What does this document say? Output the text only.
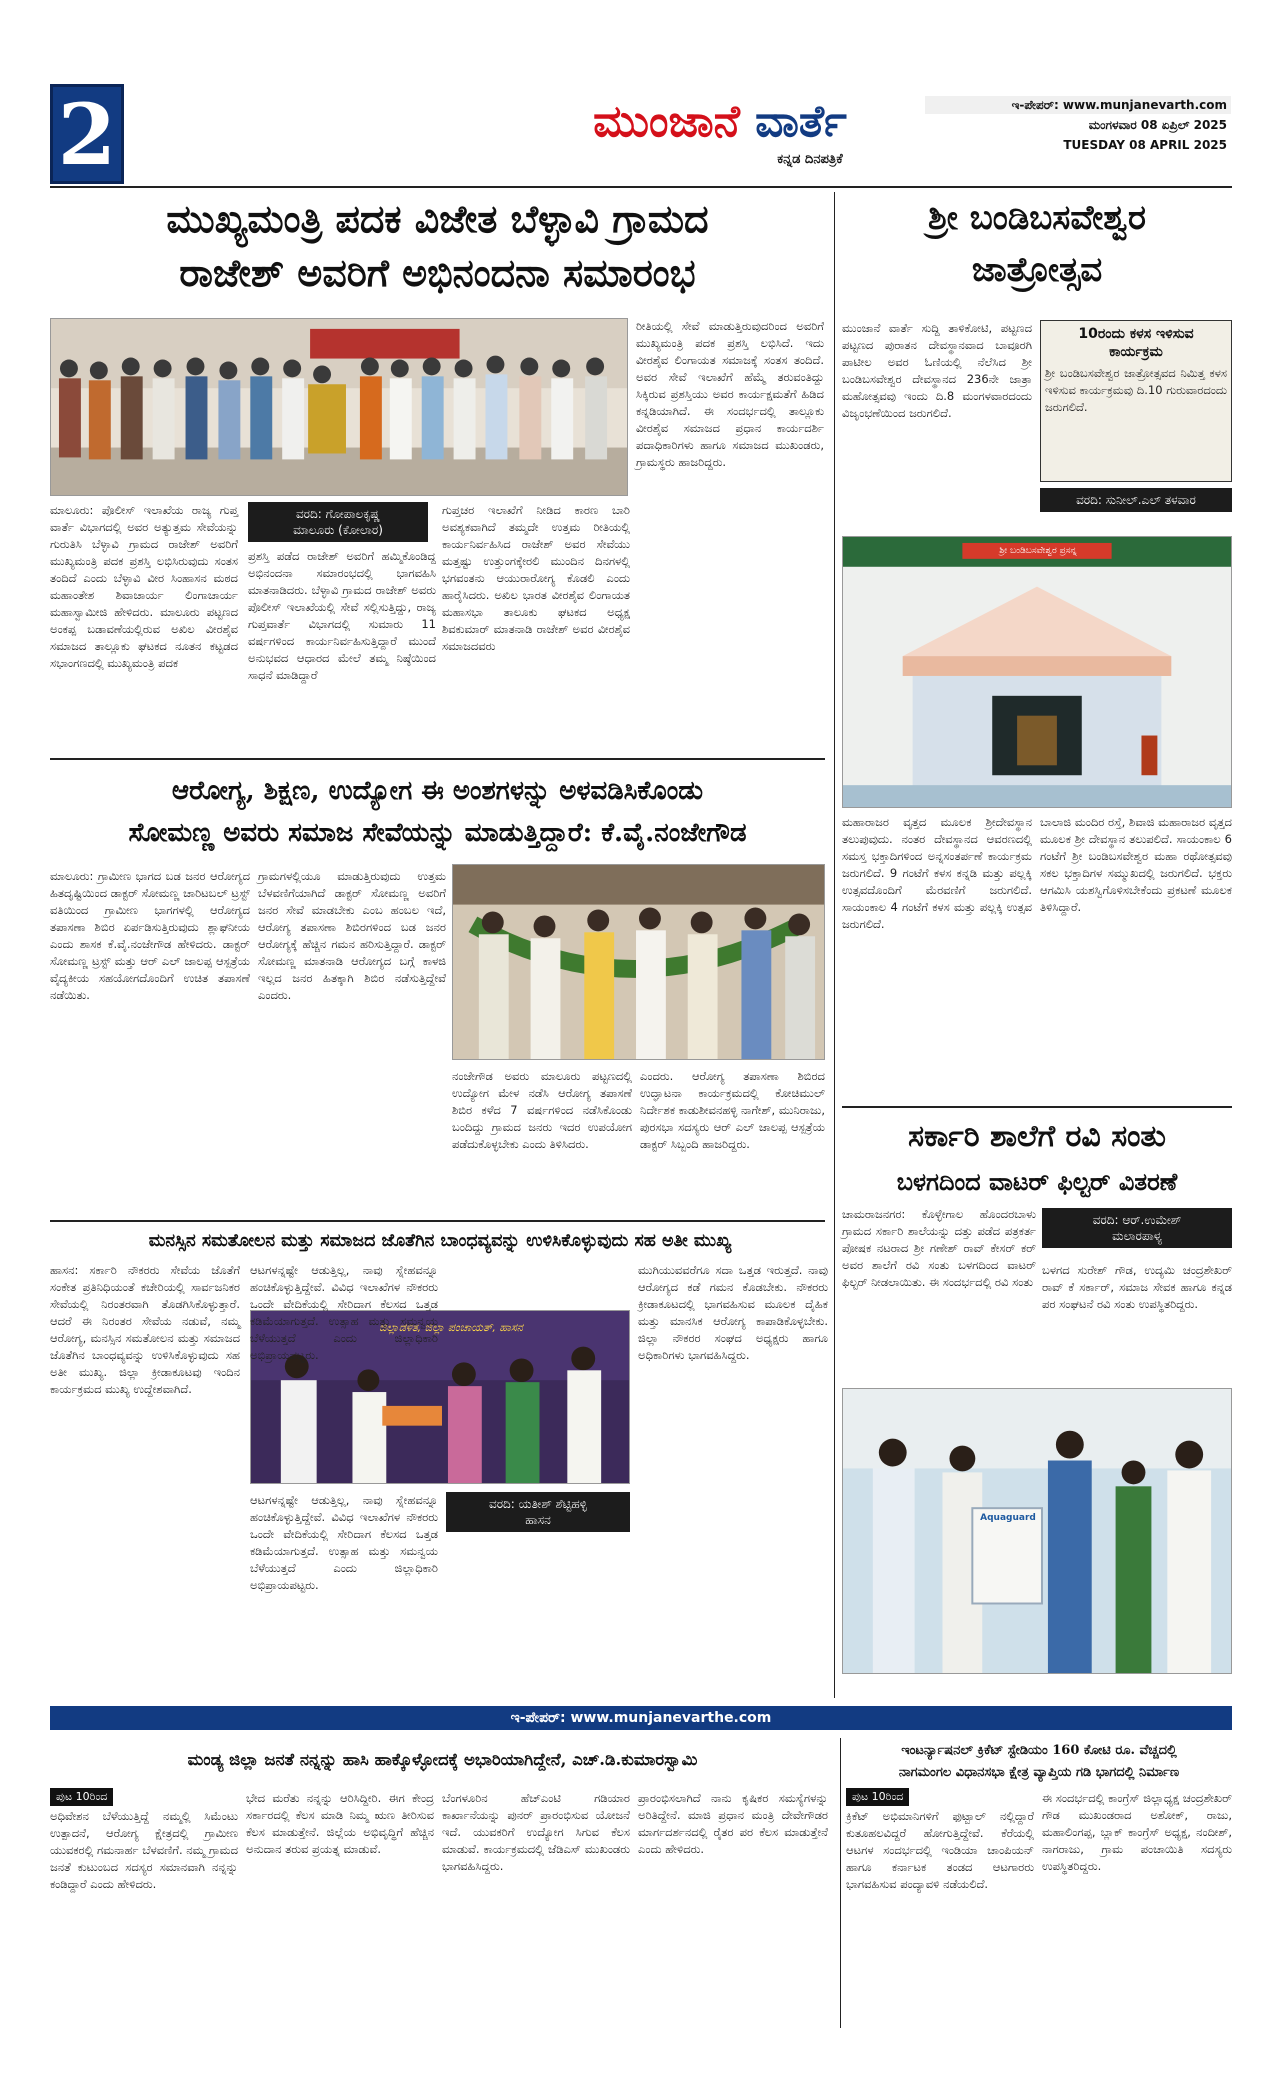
2	ಮುಂಜಾನೆ ವಾರ್ತೆ
ಕನ್ನಡ ದಿನಪತ್ರಿಕೆ
ಇ-ಪೇಪರ್: www.munjanevarth.com
ಮಂಗಳವಾರ 08 ಏಪ್ರಿಲ್ 2025
TUESDAY 08 APRIL 2025
ಮುಖ್ಯಮಂತ್ರಿ ಪದಕ ವಿಜೇತ ಬೆಳ್ಳಾವಿ ಗ್ರಾಮದ
ರಾಜೇಶ್ ಅವರಿಗೆ ಅಭಿನಂದನಾ ಸಮಾರಂಭ
ರೀತಿಯಲ್ಲಿ ಸೇವೆ ಮಾಡುತ್ತಿರುವುದರಿಂದ ಅವರಿಗೆ ಮುಖ್ಯಮಂತ್ರಿ ಪದಕ ಪ್ರಶಸ್ತಿ ಲಭಿಸಿದೆ. ಇದು ವೀರಶೈವ ಲಿಂಗಾಯತ ಸಮಾಜಕ್ಕೆ ಸಂತಸ ತಂದಿದೆ. ಅವರ ಸೇವೆ ಇಲಾಖೆಗೆ ಹೆಮ್ಮೆ ತರುವಂತಿದ್ದು ಸಿಕ್ಕಿರುವ ಪ್ರಶಸ್ತಿಯು ಅವರ ಕಾರ್ಯಕ್ಷಮತೆಗೆ ಹಿಡಿದ ಕನ್ನಡಿಯಾಗಿದೆ. ಈ ಸಂದರ್ಭದಲ್ಲಿ ತಾಲ್ಲೂಕು ವೀರಶೈವ ಸಮಾಜದ ಪ್ರಧಾನ ಕಾರ್ಯದರ್ಶಿ ಪದಾಧಿಕಾರಿಗಳು ಹಾಗೂ ಸಮಾಜದ ಮುಖಂಡರು, ಗ್ರಾಮಸ್ಥರು ಹಾಜರಿದ್ದರು.
ಮಾಲೂರು: ಪೊಲೀಸ್ ಇಲಾಖೆಯ ರಾಜ್ಯ ಗುಪ್ತ ವಾರ್ತೆ ವಿಭಾಗದಲ್ಲಿ ಅವರ ಅತ್ಯುತ್ತಮ ಸೇವೆಯನ್ನು ಗುರುತಿಸಿ ಬೆಳ್ಳಾವಿ ಗ್ರಾಮದ ರಾಜೇಶ್ ಅವರಿಗೆ ಮುಖ್ಯಮಂತ್ರಿ ಪದಕ ಪ್ರಶಸ್ತಿ ಲಭಿಸಿರುವುದು ಸಂತಸ ತಂದಿದೆ ಎಂದು ಬೆಳ್ಳಾವಿ ವೀರ ಸಿಂಹಾಸನ ಮಠದ ಮಹಾಂತೇಶ ಶಿವಾಚಾರ್ಯ ಲಿಂಗಾಚಾರ್ಯ ಮಹಾಸ್ವಾಮೀಜಿ ಹೇಳಿದರು. ಮಾಲೂರು ಪಟ್ಟಣದ ಅಂಕಪ್ಪ ಬಡಾವಣೆಯಲ್ಲಿರುವ ಅಖಿಲ ವೀರಶೈವ ಸಮಾಜದ ತಾಲ್ಲೂಕು ಘಟಕದ ನೂತನ ಕಟ್ಟಡದ ಸಭಾಂಗಣದಲ್ಲಿ ಮುಖ್ಯಮಂತ್ರಿ ಪದಕ
ವರದಿ: ಗೋಪಾಲಕೃಷ್ಣ
ಮಾಲೂರು (ಕೋಲಾರ)
ಪ್ರಶಸ್ತಿ ಪಡೆದ ರಾಜೇಶ್ ಅವರಿಗೆ ಹಮ್ಮಿಕೊಂಡಿದ್ದ ಅಭಿನಂದನಾ ಸಮಾರಂಭದಲ್ಲಿ ಭಾಗವಹಿಸಿ ಮಾತನಾಡಿದರು. ಬೆಳ್ಳಾವಿ ಗ್ರಾಮದ ರಾಜೇಶ್ ಅವರು ಪೊಲೀಸ್ ಇಲಾಖೆಯಲ್ಲಿ ಸೇವೆ ಸಲ್ಲಿಸುತ್ತಿದ್ದು, ರಾಜ್ಯ ಗುಪ್ತವಾರ್ತೆ ವಿಭಾಗದಲ್ಲಿ ಸುಮಾರು 11 ವರ್ಷಗಳಿಂದ ಕಾರ್ಯನಿರ್ವಹಿಸುತ್ತಿದ್ದಾರೆ ಮುಂದೆ ಅನುಭವದ ಆಧಾರದ ಮೇಲೆ ತಮ್ಮ ನಿಷ್ಠೆಯಿಂದ ಸಾಧನೆ ಮಾಡಿದ್ದಾರೆ
ಗುಪ್ತಚರ ಇಲಾಖೆಗೆ ನೀಡಿದ ಕಾರಣ ಬಾರಿ ಅವಶ್ಯಕವಾಗಿದೆ ತಮ್ಮದೇ ಉತ್ತಮ ರೀತಿಯಲ್ಲಿ ಕಾರ್ಯನಿರ್ವಹಿಸಿದ ರಾಜೇಶ್ ಅವರ ಸೇವೆಯು ಮತ್ತಷ್ಟು ಉತ್ತುಂಗಕ್ಕೇರಲಿ ಮುಂದಿನ ದಿನಗಳಲ್ಲಿ ಭಗವಂತನು ಆಯುರಾರೋಗ್ಯ ಕೊಡಲಿ ಎಂದು ಹಾರೈಸಿದರು. ಅಖಿಲ ಭಾರತ ವೀರಶೈವ ಲಿಂಗಾಯತ ಮಹಾಸಭಾ ತಾಲೂಕು ಘಟಕದ ಅಧ್ಯಕ್ಷ ಶಿವಕುಮಾರ್ ಮಾತನಾಡಿ ರಾಜೇಶ್ ಅವರ ವೀರಶೈವ ಸಮಾಜದವರು
ಆರೋಗ್ಯ, ಶಿಕ್ಷಣ, ಉದ್ಯೋಗ ಈ ಅಂಶಗಳನ್ನು ಅಳವಡಿಸಿಕೊಂಡು
ಸೋಮಣ್ಣ ಅವರು ಸಮಾಜ ಸೇವೆಯನ್ನು ಮಾಡುತ್ತಿದ್ದಾರೆ: ಕೆ.ವೈ.ನಂಜೇಗೌಡ
ಮಾಲೂರು: ಗ್ರಾಮೀಣ ಭಾಗದ ಬಡ ಜನರ ಆರೋಗ್ಯದ ಹಿತದೃಷ್ಟಿಯಿಂದ ಡಾಕ್ಟರ್ ಸೋಮಣ್ಣ ಚಾರಿಟಬಲ್ ಟ್ರಸ್ಟ್ ವತಿಯಿಂದ ಗ್ರಾಮೀಣ ಭಾಗಗಳಲ್ಲಿ ಆರೋಗ್ಯದ ತಪಾಸಣಾ ಶಿಬಿರ ಏರ್ಪಡಿಸುತ್ತಿರುವುದು ಶ್ಲಾಘನೀಯ ಎಂದು ಶಾಸಕ ಕೆ.ವೈ.ನಂಜೇಗೌಡ ಹೇಳಿದರು. ಡಾಕ್ಟರ್ ಸೋಮಣ್ಣ ಟ್ರಸ್ಟ್ ಮತ್ತು ಆರ್ ಎಲ್ ಜಾಲಪ್ಪ ಆಸ್ಪತ್ರೆಯ ವೈದ್ಯಕೀಯ ಸಹಯೋಗದೊಂದಿಗೆ ಉಚಿತ ತಪಾಸಣೆ ನಡೆಯಿತು.
ಗ್ರಾಮಗಳಲ್ಲಿಯೂ ಮಾಡುತ್ತಿರುವುದು ಉತ್ತಮ ಬೆಳವಣಿಗೆಯಾಗಿದೆ ಡಾಕ್ಟರ್ ಸೋಮಣ್ಣ ಅವರಿಗೆ ಜನರ ಸೇವೆ ಮಾಡಬೇಕು ಎಂಬ ಹಂಬಲ ಇದೆ, ಆರೋಗ್ಯ ತಪಾಸಣಾ ಶಿಬಿರಗಳಿಂದ ಬಡ ಜನರ ಆರೋಗ್ಯಕ್ಕೆ ಹೆಚ್ಚಿನ ಗಮನ ಹರಿಸುತ್ತಿದ್ದಾರೆ. ಡಾಕ್ಟರ್ ಸೋಮಣ್ಣ ಮಾತನಾಡಿ ಆರೋಗ್ಯದ ಬಗ್ಗೆ ಕಾಳಜಿ ಇಲ್ಲದ ಜನರ ಹಿತಕ್ಕಾಗಿ ಶಿಬಿರ ನಡೆಸುತ್ತಿದ್ದೇವೆ ಎಂದರು.
ನಂಜೇಗೌಡ ಅವರು ಮಾಲೂರು ಪಟ್ಟಣದಲ್ಲಿ ಉದ್ಯೋಗ ಮೇಳ ನಡೆಸಿ ಆರೋಗ್ಯ ತಪಾಸಣೆ ಶಿಬಿರ ಕಳೆದ 7 ವರ್ಷಗಳಿಂದ ನಡೆಸಿಕೊಂಡು ಬಂದಿದ್ದು ಗ್ರಾಮದ ಜನರು ಇದರ ಉಪಯೋಗ ಪಡೆದುಕೊಳ್ಳಬೇಕು ಎಂದು ತಿಳಿಸಿದರು.
ಎಂದರು. ಆರೋಗ್ಯ ತಪಾಸಣಾ ಶಿಬಿರದ ಉದ್ಘಾಟನಾ ಕಾರ್ಯಕ್ರಮದಲ್ಲಿ ಕೋಚಿಮುಲ್ ನಿರ್ದೇಶಕ ಕಾಡುಶೀವನಹಳ್ಳಿ ನಾಗೇಶ್, ಮುನಿರಾಜು, ಪುರಸಭಾ ಸದಸ್ಯರು ಆರ್ ಎಲ್ ಜಾಲಪ್ಪ ಆಸ್ಪತ್ರೆಯ ಡಾಕ್ಟರ್ ಸಿಬ್ಬಂದಿ ಹಾಜರಿದ್ದರು.
ಮನಸ್ಸಿನ ಸಮತೋಲನ ಮತ್ತು ಸಮಾಜದ ಜೊತೆಗಿನ ಬಾಂಧವ್ಯವನ್ನು ಉಳಿಸಿಕೊಳ್ಳುವುದು ಸಹ ಅತೀ ಮುಖ್ಯ
ಹಾಸನ: ಸರ್ಕಾರಿ ನೌಕರರು ಸೇವೆಯ ಜೊತೆಗೆ ಸಂಕೇತ ಪ್ರತಿನಿಧಿಯಂತೆ ಕಚೇರಿಯಲ್ಲಿ ಸಾರ್ವಜನಿಕರ ಸೇವೆಯಲ್ಲಿ ನಿರಂತರವಾಗಿ ತೊಡಗಿಸಿಕೊಳ್ಳುತ್ತಾರೆ. ಆದರೆ ಈ ನಿರಂತರ ಸೇವೆಯ ನಡುವೆ, ನಮ್ಮ ಆರೋಗ್ಯ, ಮನಸ್ಸಿನ ಸಮತೋಲನ ಮತ್ತು ಸಮಾಜದ ಜೊತೆಗಿನ ಬಾಂಧವ್ಯವನ್ನು ಉಳಿಸಿಕೊಳ್ಳುವುದು ಸಹ ಅತೀ ಮುಖ್ಯ. ಜಿಲ್ಲಾ ಕ್ರೀಡಾಕೂಟವು ಇಂದಿನ ಕಾರ್ಯಕ್ರಮದ ಮುಖ್ಯ ಉದ್ದೇಶವಾಗಿದೆ.
ಜಿಲ್ಲಾಡಳಿತ, ಜಿಲ್ಲಾ ಪಂಚಾಯತ್, ಹಾಸನ
ಆಟಗಳನ್ನಷ್ಟೇ ಆಡುತ್ತಿಲ್ಲ, ನಾವು ಸ್ನೇಹವನ್ನೂ ಹಂಚಿಕೊಳ್ಳುತ್ತಿದ್ದೇವೆ. ವಿವಿಧ ಇಲಾಖೆಗಳ ನೌಕರರು ಒಂದೇ ವೇದಿಕೆಯಲ್ಲಿ ಸೇರಿದಾಗ ಕೆಲಸದ ಒತ್ತಡ ಕಡಿಮೆಯಾಗುತ್ತದೆ. ಉತ್ಸಾಹ ಮತ್ತು ಸಮನ್ವಯ ಬೆಳೆಯುತ್ತದೆ ಎಂದು ಜಿಲ್ಲಾಧಿಕಾರಿ ಅಭಿಪ್ರಾಯಪಟ್ಟರು.
ಆಟಗಳನ್ನಷ್ಟೇ ಆಡುತ್ತಿಲ್ಲ, ನಾವು ಸ್ನೇಹವನ್ನೂ ಹಂಚಿಕೊಳ್ಳುತ್ತಿದ್ದೇವೆ. ವಿವಿಧ ಇಲಾಖೆಗಳ ನೌಕರರು ಒಂದೇ ವೇದಿಕೆಯಲ್ಲಿ ಸೇರಿದಾಗ ಕೆಲಸದ ಒತ್ತಡ ಕಡಿಮೆಯಾಗುತ್ತದೆ. ಉತ್ಸಾಹ ಮತ್ತು ಸಮನ್ವಯ ಬೆಳೆಯುತ್ತದೆ ಎಂದು ಜಿಲ್ಲಾಧಿಕಾರಿ ಅಭಿಪ್ರಾಯಪಟ್ಟರು.
ವರದಿ: ಯತೀಶ್ ಶೆಟ್ಟಿಹಳ್ಳಿ
ಹಾಸನ
ಮುಗಿಯುವವರೆಗೂ ಸದಾ ಒತ್ತಡ ಇರುತ್ತದೆ. ನಾವು ಆರೋಗ್ಯದ ಕಡೆ ಗಮನ ಕೊಡಬೇಕು. ನೌಕರರು ಕ್ರೀಡಾಕೂಟದಲ್ಲಿ ಭಾಗವಹಿಸುವ ಮೂಲಕ ದೈಹಿಕ ಮತ್ತು ಮಾನಸಿಕ ಆರೋಗ್ಯ ಕಾಪಾಡಿಕೊಳ್ಳಬೇಕು. ಜಿಲ್ಲಾ ನೌಕರರ ಸಂಘದ ಅಧ್ಯಕ್ಷರು ಹಾಗೂ ಅಧಿಕಾರಿಗಳು ಭಾಗವಹಿಸಿದ್ದರು.
ಶ್ರೀ ಬಂಡಿಬಸವೇಶ್ವರ
ಜಾತ್ರೋತ್ಸವ
ಮುಂಜಾನೆ ವಾರ್ತೆ ಸುದ್ದಿ ತಾಳಿಕೋಟಿ, ಪಟ್ಟಣದ ಪಟ್ಟಣದ ಪುರಾತನ ದೇವಸ್ಥಾನವಾದ ಬಾವೂರಗಿ ಪಾಟೀಲ ಅವರ ಓಣಿಯಲ್ಲಿ ನೆಲೆಸಿದ ಶ್ರೀ ಬಂಡಿಬಸವೇಶ್ವರ ದೇವಸ್ಥಾನದ 236ನೇ ಜಾತ್ರಾ ಮಹೋತ್ಸವವು ಇಂದು ದಿ.8 ಮಂಗಳವಾರದಂದು ವಿಜೃಂಭಣೆಯಿಂದ ಜರುಗಲಿದೆ.
10ರಂದು ಕಳಸ ಇಳಿಸುವ
ಕಾರ್ಯಕ್ರಮ
ಶ್ರೀ ಬಂಡಿಬಸವೇಶ್ವರ ಜಾತ್ರೋತ್ಸವದ ನಿಮಿತ್ತ ಕಳಸ ಇಳಿಸುವ ಕಾರ್ಯಕ್ರಮವು ದಿ.10 ಗುರುವಾರದಂದು ಜರುಗಲಿದೆ.
ವರದಿ: ಸುನೀಲ್.ಎಲ್ ತಳವಾರ
ಶ್ರೀ ಬಂಡಿಬಸವೇಶ್ವರ ಪ್ರಸನ್ನ
ಮಹಾರಾಜರ ವೃತ್ತದ ಮೂಲಕ ಶ್ರೀದೇವಸ್ಥಾನ ತಲುಪುವುದು. ನಂತರ ದೇವಸ್ಥಾನದ ಆವರಣದಲ್ಲಿ ಸಮಸ್ತ ಭಕ್ತಾದಿಗಳಿಂದ ಅನ್ನಸಂತರ್ಪಣೆ ಕಾರ್ಯಕ್ರಮ ಜರುಗಲಿದೆ. 9 ಗಂಟೆಗೆ ಕಳಸ ಕನ್ನಡಿ ಮತ್ತು ಪಲ್ಲಕ್ಕಿ ಉತ್ಸವದೊಂದಿಗೆ ಮೆರವಣಿಗೆ ಜರುಗಲಿದೆ. ಸಾಯಂಕಾಲ 4 ಗಂಟೆಗೆ ಕಳಸ ಮತ್ತು ಪಲ್ಲಕ್ಕಿ ಉತ್ಸವ ಜರುಗಲಿದೆ.
ಬಾಲಾಜಿ ಮಂದಿರ ರಸ್ತೆ, ಶಿವಾಜಿ ಮಹಾರಾಜರ ವೃತ್ತದ ಮೂಲಕ ಶ್ರೀ ದೇವಸ್ಥಾನ ತಲುಪಲಿದೆ. ಸಾಯಂಕಾಲ 6 ಗಂಟೆಗೆ ಶ್ರೀ ಬಂಡಿಬಸವೇಶ್ವರ ಮಹಾ ರಥೋತ್ಸವವು ಸಕಲ ಭಕ್ತಾದಿಗಳ ಸಮ್ಮುಖದಲ್ಲಿ ಜರುಗಲಿದೆ. ಭಕ್ತರು ಆಗಮಿಸಿ ಯಶಸ್ವಿಗೊಳಿಸಬೇಕೆಂದು ಪ್ರಕಟಣೆ ಮೂಲಕ ತಿಳಿಸಿದ್ದಾರೆ.
ಸರ್ಕಾರಿ ಶಾಲೆಗೆ ರವಿ ಸಂತು
ಬಳಗದಿಂದ ವಾಟರ್ ಫಿಲ್ಟರ್ ವಿತರಣೆ
ಚಾಮರಾಜನಗರ: ಕೊಳ್ಳೇಗಾಲ ಹೊಂದರಬಾಳು ಗ್ರಾಮದ ಸರ್ಕಾರಿ ಶಾಲೆಯನ್ನು ದತ್ತು ಪಡೆದ ಪತ್ರಕರ್ತ ಪೋಷಕ ನಟರಾದ ಶ್ರೀ ಗಣೇಶ್ ರಾವ್ ಕೇಸರ್ ಕರ್ ಅವರ ಶಾಲೆಗೆ ರವಿ ಸಂತು ಬಳಗದಿಂದ ವಾಟರ್ ಫಿಲ್ಟರ್ ನೀಡಲಾಯಿತು. ಈ ಸಂದರ್ಭದಲ್ಲಿ ರವಿ ಸಂತು
ವರದಿ: ಆರ್.ಉಮೇಶ್
ಮಲಾರಪಾಳ್ಯ
ಬಳಗದ ಸುರೇಶ್ ಗೌಡ, ಉದ್ಯಮಿ ಚಂದ್ರಶೇಖರ್ ರಾವ್ ಕೆ ಸರ್ಕಾರ್, ಸಮಾಜ ಸೇವಕ ಹಾಗೂ ಕನ್ನಡ ಪರ ಸಂಘಟನೆ ರವಿ ಸಂತು ಉಪಸ್ಥಿತರಿದ್ದರು.
Aquaguard
ಇ-ಪೇಪರ್: www.munjanevarthe.com
ಮಂಡ್ಯ ಜಿಲ್ಲಾ ಜನತೆ ನನ್ನನ್ನು ಹಾಸಿ ಹಾಕ್ಕೊಳ್ಳೋದಕ್ಕೆ ಅಭಾರಿಯಾಗಿದ್ದೇನೆ, ಎಚ್.ಡಿ.ಕುಮಾರಸ್ವಾಮಿ
ಪುಟ 10ರಿಂದ
ಅಧಿವೇಶನ ಬೆಳೆಯುತ್ತಿದ್ದೆ ನಮ್ಮಲ್ಲಿ ಸಿಮೆಂಟು ಉತ್ಪಾದನೆ, ಆರೋಗ್ಯ ಕ್ಷೇತ್ರದಲ್ಲಿ ಗ್ರಾಮೀಣ ಯುವಕರಲ್ಲಿ ಗಮನಾರ್ಹ ಬೆಳವಣಿಗೆ. ನಮ್ಮ ಗ್ರಾಮದ ಜನತೆ ಕುಟುಂಬದ ಸದಸ್ಯರ ಸಮಾನವಾಗಿ ನನ್ನನ್ನು ಕಂಡಿದ್ದಾರೆ ಎಂದು ಹೇಳಿದರು.
ಭೇದ ಮರೆತು ನನ್ನನ್ನು ಆರಿಸಿದ್ದೀರಿ. ಈಗ ಕೇಂದ್ರ ಸರ್ಕಾರದಲ್ಲಿ ಕೆಲಸ ಮಾಡಿ ನಿಮ್ಮ ಋಣ ತೀರಿಸುವ ಕೆಲಸ ಮಾಡುತ್ತೇನೆ. ಜಿಲ್ಲೆಯ ಅಭಿವೃದ್ಧಿಗೆ ಹೆಚ್ಚಿನ ಅನುದಾನ ತರುವ ಪ್ರಯತ್ನ ಮಾಡುವೆ.
ಬೆಂಗಳೂರಿನ ಹೆಚ್‌ಎಂಟಿ ಗಡಿಯಾರ ಕಾರ್ಖಾನೆಯನ್ನು ಪುನರ್ ಪ್ರಾರಂಭಿಸುವ ಯೋಜನೆ ಇದೆ. ಯುವಕರಿಗೆ ಉದ್ಯೋಗ ಸಿಗುವ ಕೆಲಸ ಮಾಡುವೆ. ಕಾರ್ಯಕ್ರಮದಲ್ಲಿ ಜೆಡಿಎಸ್ ಮುಖಂಡರು ಭಾಗವಹಿಸಿದ್ದರು.
ಪ್ರಾರಂಭಿಸಲಾಗಿದೆ ನಾನು ಕೃಷಿಕರ ಸಮಸ್ಯೆಗಳನ್ನು ಅರಿತಿದ್ದೇನೆ. ಮಾಜಿ ಪ್ರಧಾನ ಮಂತ್ರಿ ದೇವೇಗೌಡರ ಮಾರ್ಗದರ್ಶನದಲ್ಲಿ ರೈತರ ಪರ ಕೆಲಸ ಮಾಡುತ್ತೇನೆ ಎಂದು ಹೇಳಿದರು.
ಇಂಟರ್ನ್ಯಾಷನಲ್ ಕ್ರಿಕೆಟ್ ಸ್ಟೇಡಿಯಂ 160 ಕೋಟಿ ರೂ. ವೆಚ್ಚದಲ್ಲಿ
ನಾಗಮಂಗಲ ವಿಧಾನಸಭಾ ಕ್ಷೇತ್ರ ವ್ಯಾಪ್ತಿಯ ಗಡಿ ಭಾಗದಲ್ಲಿ ನಿರ್ಮಾಣ
ಪುಟ 10ರಿಂದ
ಕ್ರಿಕೆಟ್ ಅಭಿಮಾನಿಗಳಿಗೆ ಫುಟ್ಬಾಲ್ ನಲ್ಲಿದ್ದಾರೆ ಕುತೂಹಲವಿದ್ದರೆ ಹೋಗುತ್ತಿದ್ದೇವೆ. ಕೆರೆಯಲ್ಲಿ ಆಟಗಳ ಸಂದರ್ಭದಲ್ಲಿ ಇಂಡಿಯಾ ಚಾಂಪಿಯನ್ ಹಾಗೂ ಕರ್ನಾಟಕ ತಂಡದ ಆಟಗಾರರು ಭಾಗವಹಿಸುವ ಪಂದ್ಯಾವಳಿ ನಡೆಯಲಿದೆ.
ಈ ಸಂದರ್ಭದಲ್ಲಿ ಕಾಂಗ್ರೆಸ್ ಜಿಲ್ಲಾಧ್ಯಕ್ಷ ಚಂದ್ರಶೇಖರ್ ಗೌಡ ಮುಖಂಡರಾದ ಅಶೋಕ್, ರಾಜು, ಮಹಾಲಿಂಗಪ್ಪ, ಬ್ಲಾಕ್ ಕಾಂಗ್ರೆಸ್ ಅಧ್ಯಕ್ಷ, ನಂದೀಶ್, ನಾಗರಾಜು, ಗ್ರಾಮ ಪಂಚಾಯಿತಿ ಸದಸ್ಯರು ಉಪಸ್ಥಿತರಿದ್ದರು.
